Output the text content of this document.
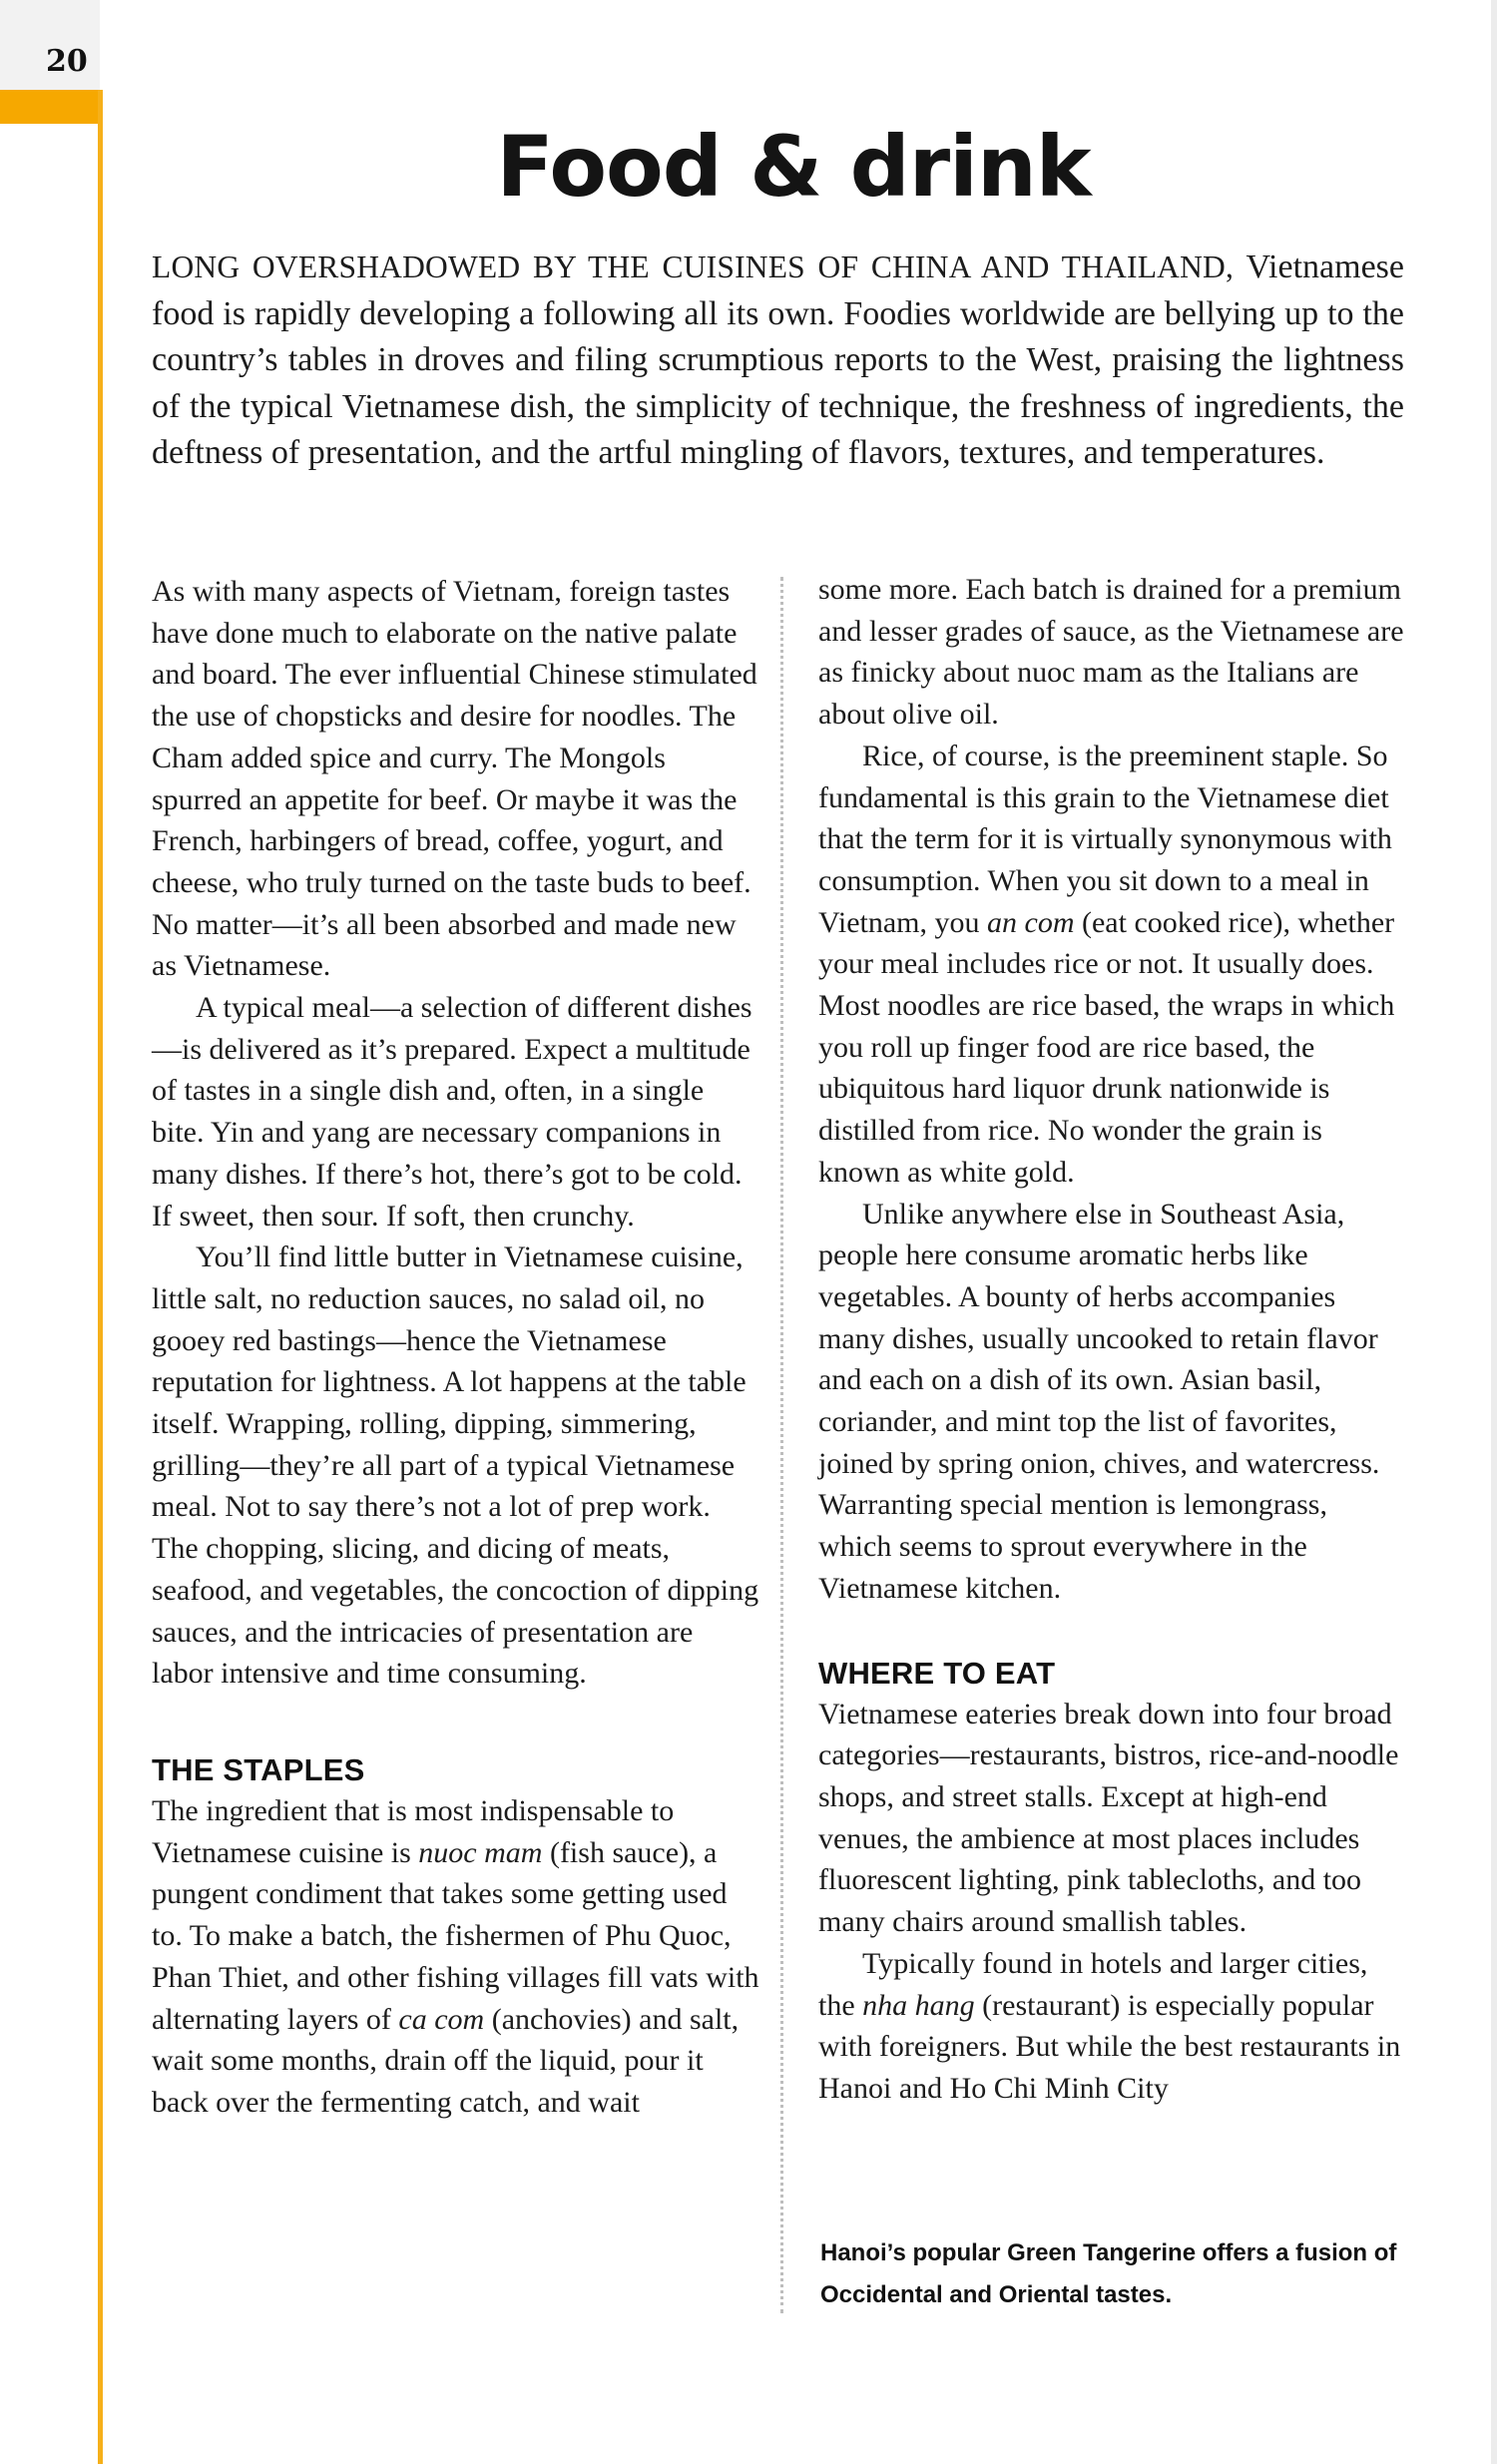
20
Food & drink

LONG OVERSHADOWED BY THE CUISINES OF CHINA AND THAILAND, Vietnamese food is rapidly developing a following all its own. Foodies worldwide are bellying up to the country’s tables in droves and filing scrumptious reports to the West, praising the lightness of the typical Vietnamese dish, the simplicity of technique, the freshness of ingredients, the deftness of presentation, and the artful mingling of flavors, textures, and temperatures.

As with many aspects of Vietnam, foreign tastes have done much to elaborate on the native palate and board. The ever influential Chinese stimulated the use of chopsticks and desire for noodles. The Cham added spice and curry. The Mongols spurred an appetite for beef. Or maybe it was the French, harbingers of bread, coffee, yogurt, and cheese, who truly turned on the taste buds to beef. No matter—it’s all been absorbed and made new as Vietnamese.

A typical meal—a selection of different dishes—is delivered as it’s prepared. Expect a multitude of tastes in a single dish and, often, in a single bite. Yin and yang are necessary companions in many dishes. If there’s hot, there’s got to be cold. If sweet, then sour. If soft, then crunchy.

You’ll find little butter in Vietnamese cuisine, little salt, no reduction sauces, no salad oil, no gooey red bastings—hence the Vietnamese reputation for lightness. A lot happens at the table itself. Wrapping, rolling, dipping, simmering, grilling—they’re all part of a typical Vietnamese meal. Not to say there’s not a lot of prep work. The chopping, slicing, and dicing of meats, seafood, and vegetables, the concoction of dipping sauces, and the intricacies of presentation are labor intensive and time consuming.

THE STAPLES

The ingredient that is most indispensable to Vietnamese cuisine is nuoc mam (fish sauce), a pungent condiment that takes some getting used to. To make a batch, the fishermen of Phu Quoc, Phan Thiet, and other fishing villages fill vats with alternating layers of ca com (anchovies) and salt, wait some months, drain off the liquid, pour it back over the fermenting catch, and wait

some more. Each batch is drained for a premium and lesser grades of sauce, as the Vietnamese are as finicky about nuoc mam as the Italians are about olive oil.

Rice, of course, is the preeminent staple. So fundamental is this grain to the Vietnamese diet that the term for it is virtually synonymous with consumption. When you sit down to a meal in Vietnam, you an com (eat cooked rice), whether your meal includes rice or not. It usually does. Most noodles are rice based, the wraps in which you roll up finger food are rice based, the ubiquitous hard liquor drunk nationwide is distilled from rice. No wonder the grain is known as white gold.

Unlike anywhere else in Southeast Asia, people here consume aromatic herbs like vegetables. A bounty of herbs accompanies many dishes, usually uncooked to retain flavor and each on a dish of its own. Asian basil, coriander, and mint top the list of favorites, joined by spring onion, chives, and watercress. Warranting special mention is lemongrass, which seems to sprout everywhere in the Vietnamese kitchen.

WHERE TO EAT

Vietnamese eateries break down into four broad categories—restaurants, bistros, rice-and-noodle shops, and street stalls. Except at high-end venues, the ambience at most places includes fluorescent lighting, pink tablecloths, and too many chairs around smallish tables.

Typically found in hotels and larger cities, the nha hang (restaurant) is especially popular with foreigners. But while the best restaurants in Hanoi and Ho Chi Minh City

Hanoi’s popular Green Tangerine offers a fusion of Occidental and Oriental tastes.
